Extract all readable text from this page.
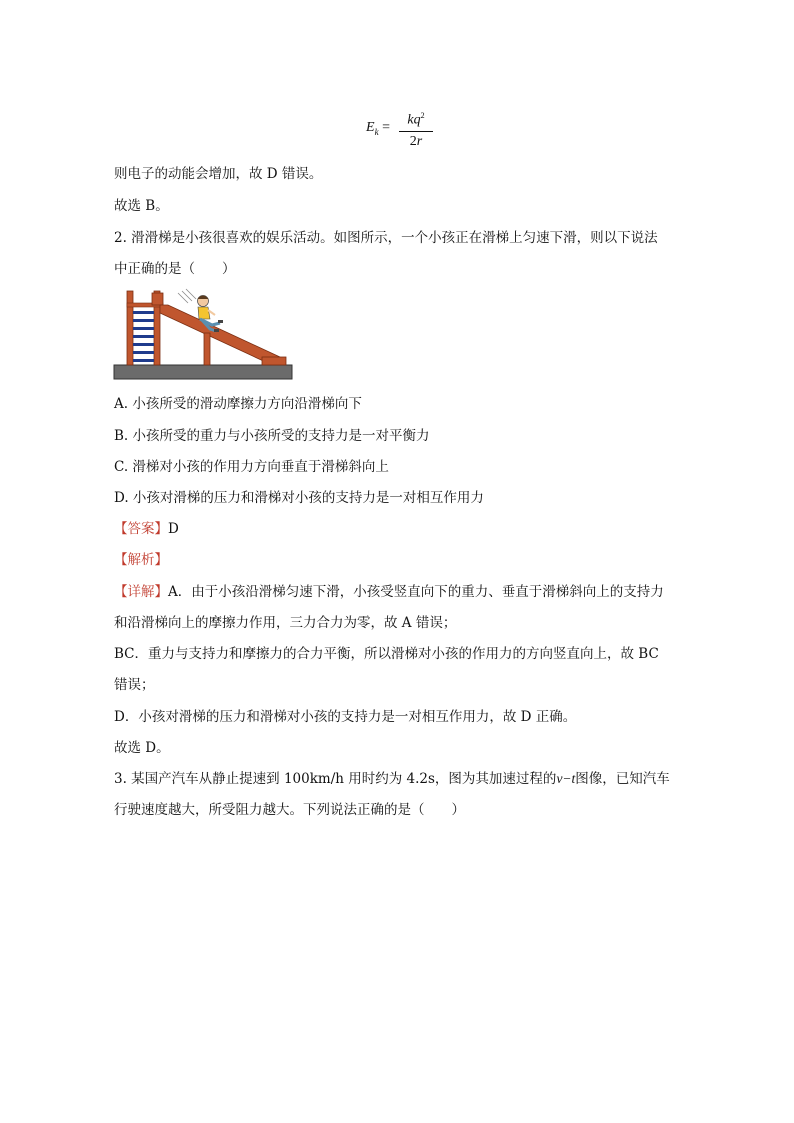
$E_k$ =	$kq^2$
2r
则电子的动能会增加，故 D 错误。
故选 B。
2. 滑滑梯是小孩很喜欢的娱乐活动。如图所示，一个小孩正在滑梯上匀速下滑，则以下说法
中正确的是（　　）
A. 小孩所受的滑动摩擦力方向沿滑梯向下
B. 小孩所受的重力与小孩所受的支持力是一对平衡力
C. 滑梯对小孩的作用力方向垂直于滑梯斜向上
D. 小孩对滑梯的压力和滑梯对小孩的支持力是一对相互作用力
【答案】D
【解析】
【详解】A．由于小孩沿滑梯匀速下滑，小孩受竖直向下的重力、垂直于滑梯斜向上的支持力
和沿滑梯向上的摩擦力作用，三力合力为零，故 A 错误；
BC．重力与支持力和摩擦力的合力平衡，所以滑梯对小孩的作用力的方向竖直向上，故 BC
错误；
D．小孩对滑梯的压力和滑梯对小孩的支持力是一对相互作用力，故 D 正确。
故选 D。
3. 某国产汽车从静止提速到 100km/h 用时约为 4.2s，图为其加速过程的v−t图像，已知汽车
行驶速度越大，所受阻力越大。下列说法正确的是（　　）
